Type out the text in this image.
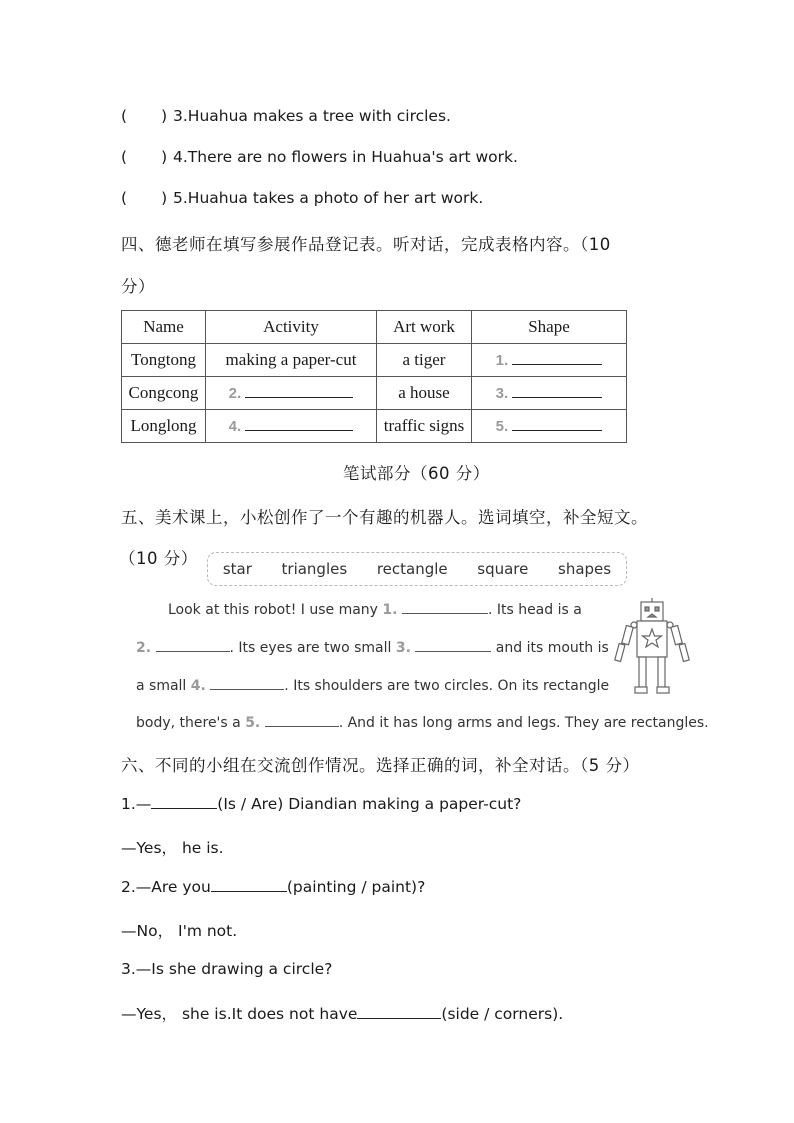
( ) 3.Huahua makes a tree with circles.
( ) 4.There are no flowers in Huahua's art work.
( ) 5.Huahua takes a photo of her art work.
四、德老师在填写参展作品登记表。听对话，完成表格内容。（10
分）
Name	Activity	Art work	Shape
Tongtong	making a paper-cut	a tiger	1.
Congcong	2.	a house	3.
Longlong	4.	traffic signs	5.
笔试部分（60 分）
五、美术课上，小松创作了一个有趣的机器人。选词填空，补全短文。
（10 分）
star triangles rectangle square shapes
Look at this robot! I use many 1.	. Its head is a
2.	. Its eyes are two small 3.	and its mouth is
a small 4.	. Its shoulders are two circles. On its rectangle
body, there's a 5.	. And it has long arms and legs. They are rectangles.
六、不同的小组在交流创作情况。选择正确的词，补全对话。（5 分）
1.—	(Is / Are) Diandian making a paper-cut?
—Yes， he is.
2.—Are you	(painting / paint)?
—No， I'm not.
3.—Is she drawing a circle?
—Yes， she is.It does not have	(side / corners).
